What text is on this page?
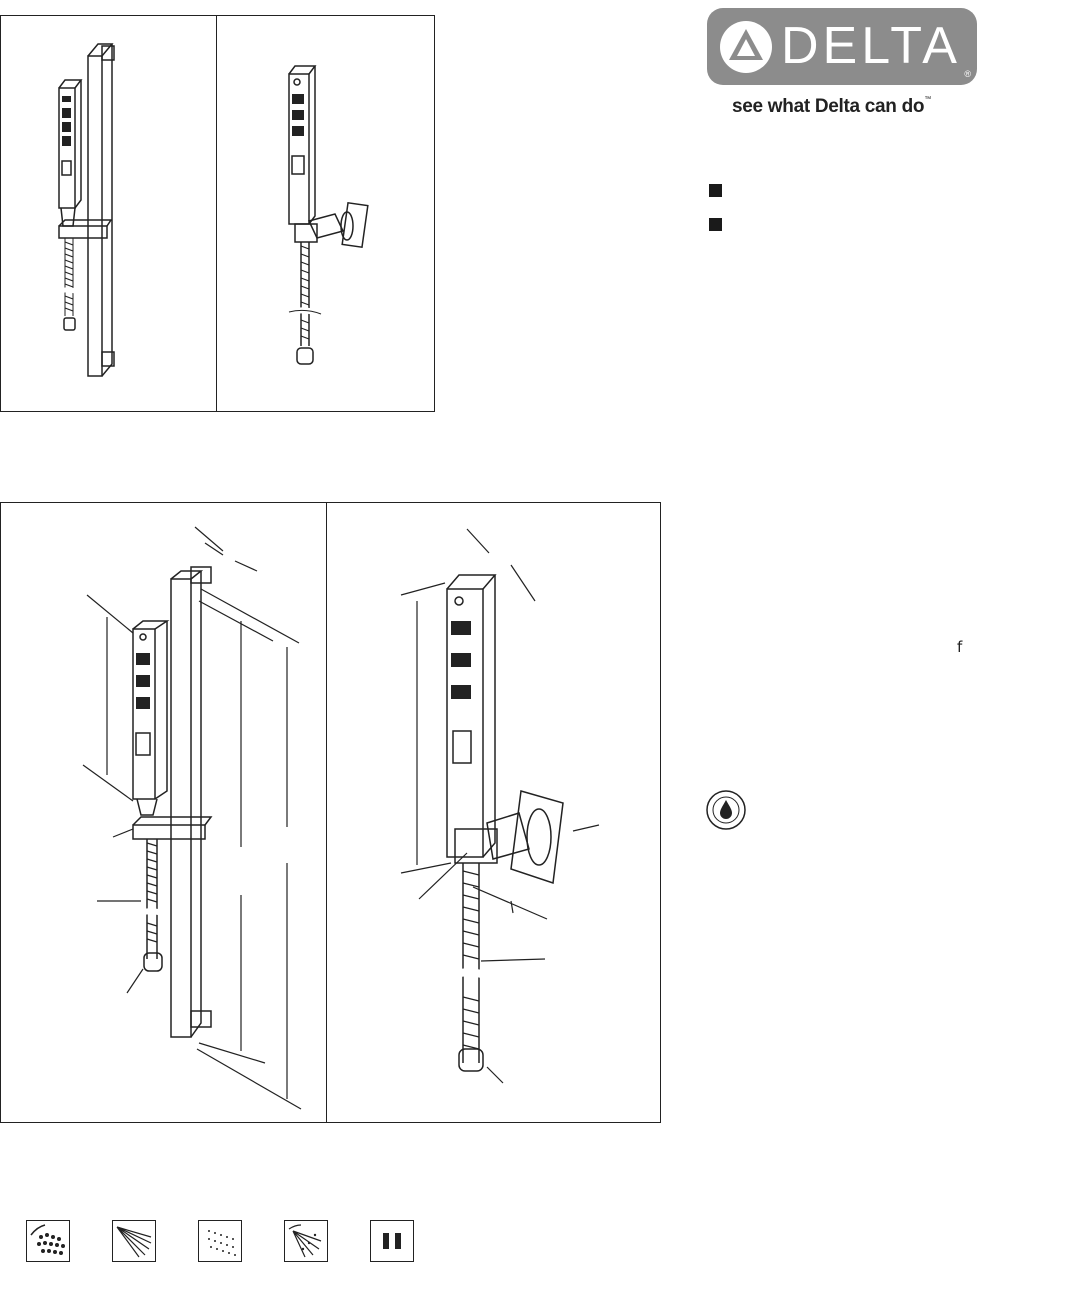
DELTA ®
see what Delta can do™
f
